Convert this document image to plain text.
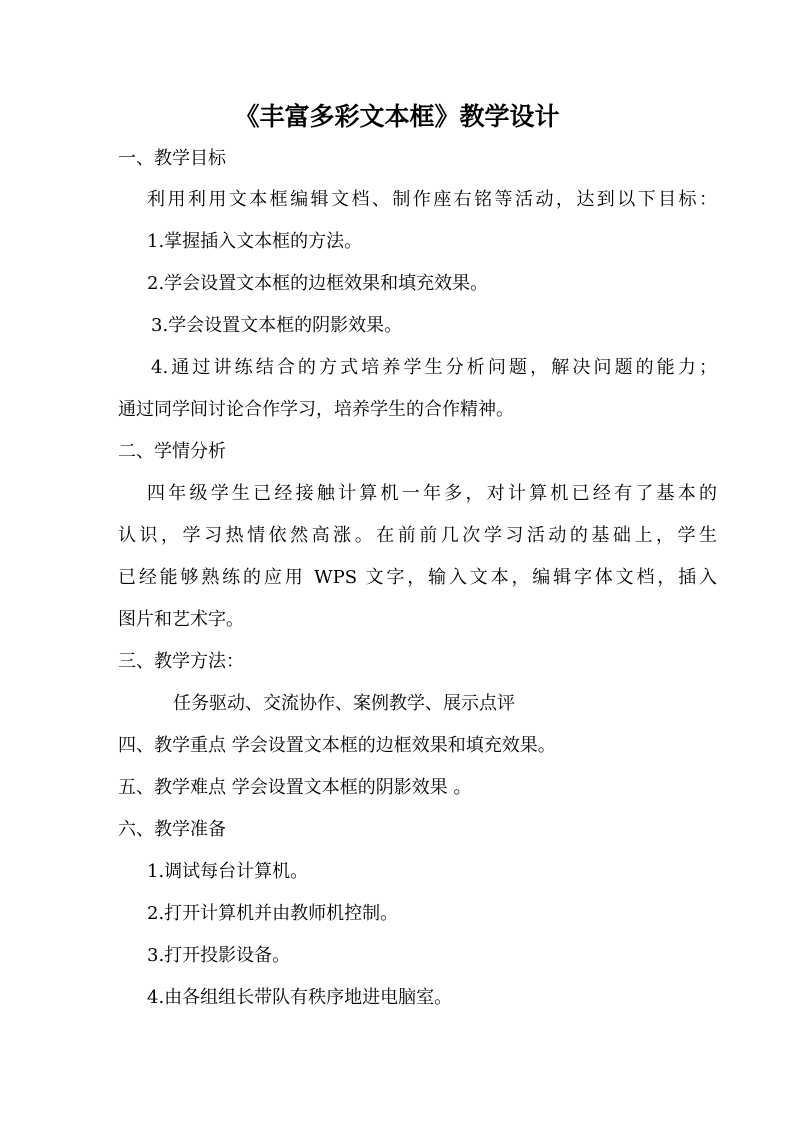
《丰富多彩文本框》教学设计
一、教学目标
利用利用文本框编辑文档、制作座右铭等活动，达到以下目标：
1.掌握插入文本框的方法。
2.学会设置文本框的边框效果和填充效果。
3.学会设置文本框的阴影效果。
4.通过讲练结合的方式培养学生分析问题，解决问题的能力；
通过同学间讨论合作学习，培养学生的合作精神。
二、学情分析
四年级学生已经接触计算机一年多，对计算机已经有了基本的
认识，学习热情依然高涨。在前前几次学习活动的基础上，学生
已经能够熟练的应用 WPS 文字，输入文本，编辑字体文档，插入
图片和艺术字。
三、教学方法：
任务驱动、交流协作、案例教学、展示点评
四、教学重点 学会设置文本框的边框效果和填充效果。
五、教学难点 学会设置文本框的阴影效果 。
六、教学准备
1.调试每台计算机。
2.打开计算机并由教师机控制。
3.打开投影设备。
4.由各组组长带队有秩序地进电脑室。
